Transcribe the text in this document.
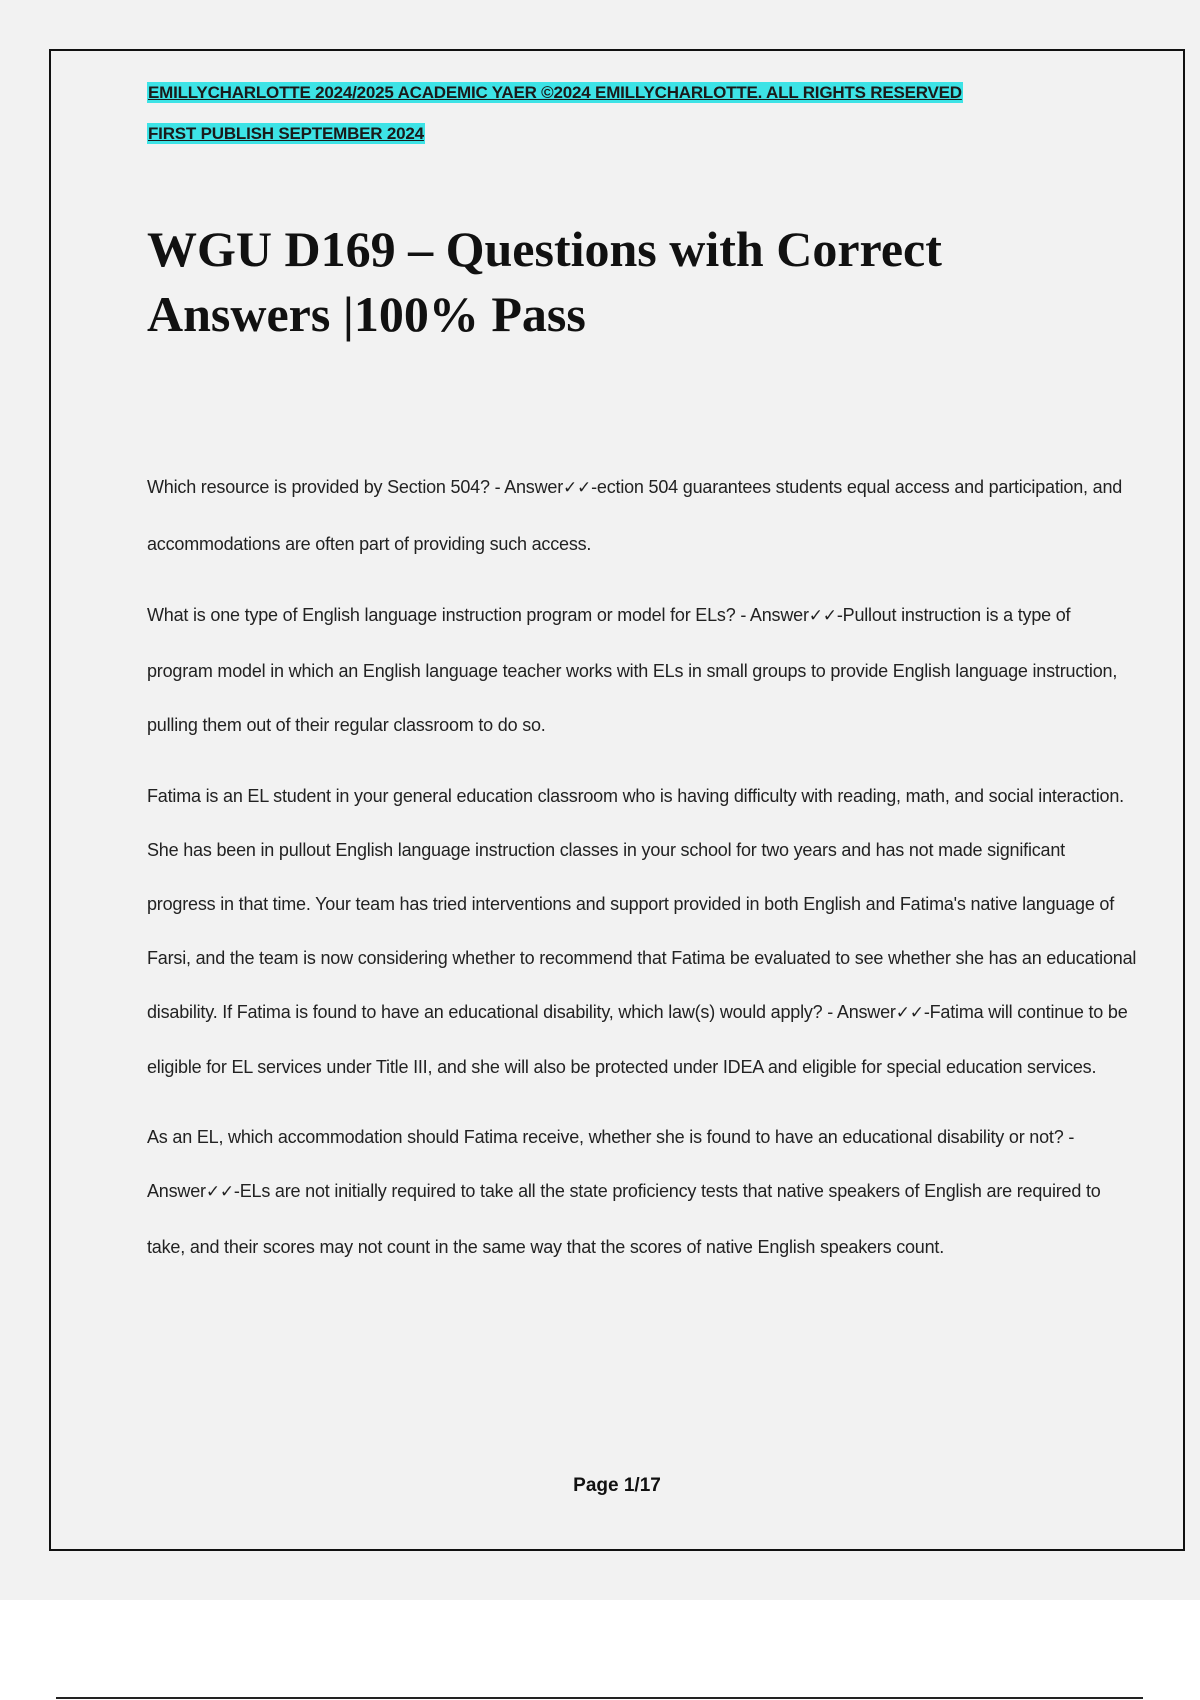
EMILLYCHARLOTTE 2024/2025 ACADEMIC YAER ©2024 EMILLYCHARLOTTE. ALL RIGHTS RESERVED
FIRST PUBLISH SEPTEMBER 2024
WGU D169 – Questions with Correct
Answers |100% Pass

Which resource is provided by Section 504? - Answer✓✓-ection 504 guarantees students equal access and participation, and accommodations are often part of providing such access.

What is one type of English language instruction program or model for ELs? - Answer✓✓-Pullout instruction is a type of program model in which an English language teacher works with ELs in small groups to provide English language instruction, pulling them out of their regular classroom to do so.

Fatima is an EL student in your general education classroom who is having difficulty with reading, math, and social interaction. She has been in pullout English language instruction classes in your school for two years and has not made significant progress in that time. Your team has tried interventions and support provided in both English and Fatima's native language of Farsi, and the team is now considering whether to recommend that Fatima be evaluated to see whether she has an educational disability. If Fatima is found to have an educational disability, which law(s) would apply? - Answer✓✓-Fatima will continue to be eligible for EL services under Title III, and she will also be protected under IDEA and eligible for special education services.

As an EL, which accommodation should Fatima receive, whether she is found to have an educational disability or not? - Answer✓✓-ELs are not initially required to take all the state proficiency tests that native speakers of English are required to take, and their scores may not count in the same way that the scores of native English speakers count.

Page 1/17
